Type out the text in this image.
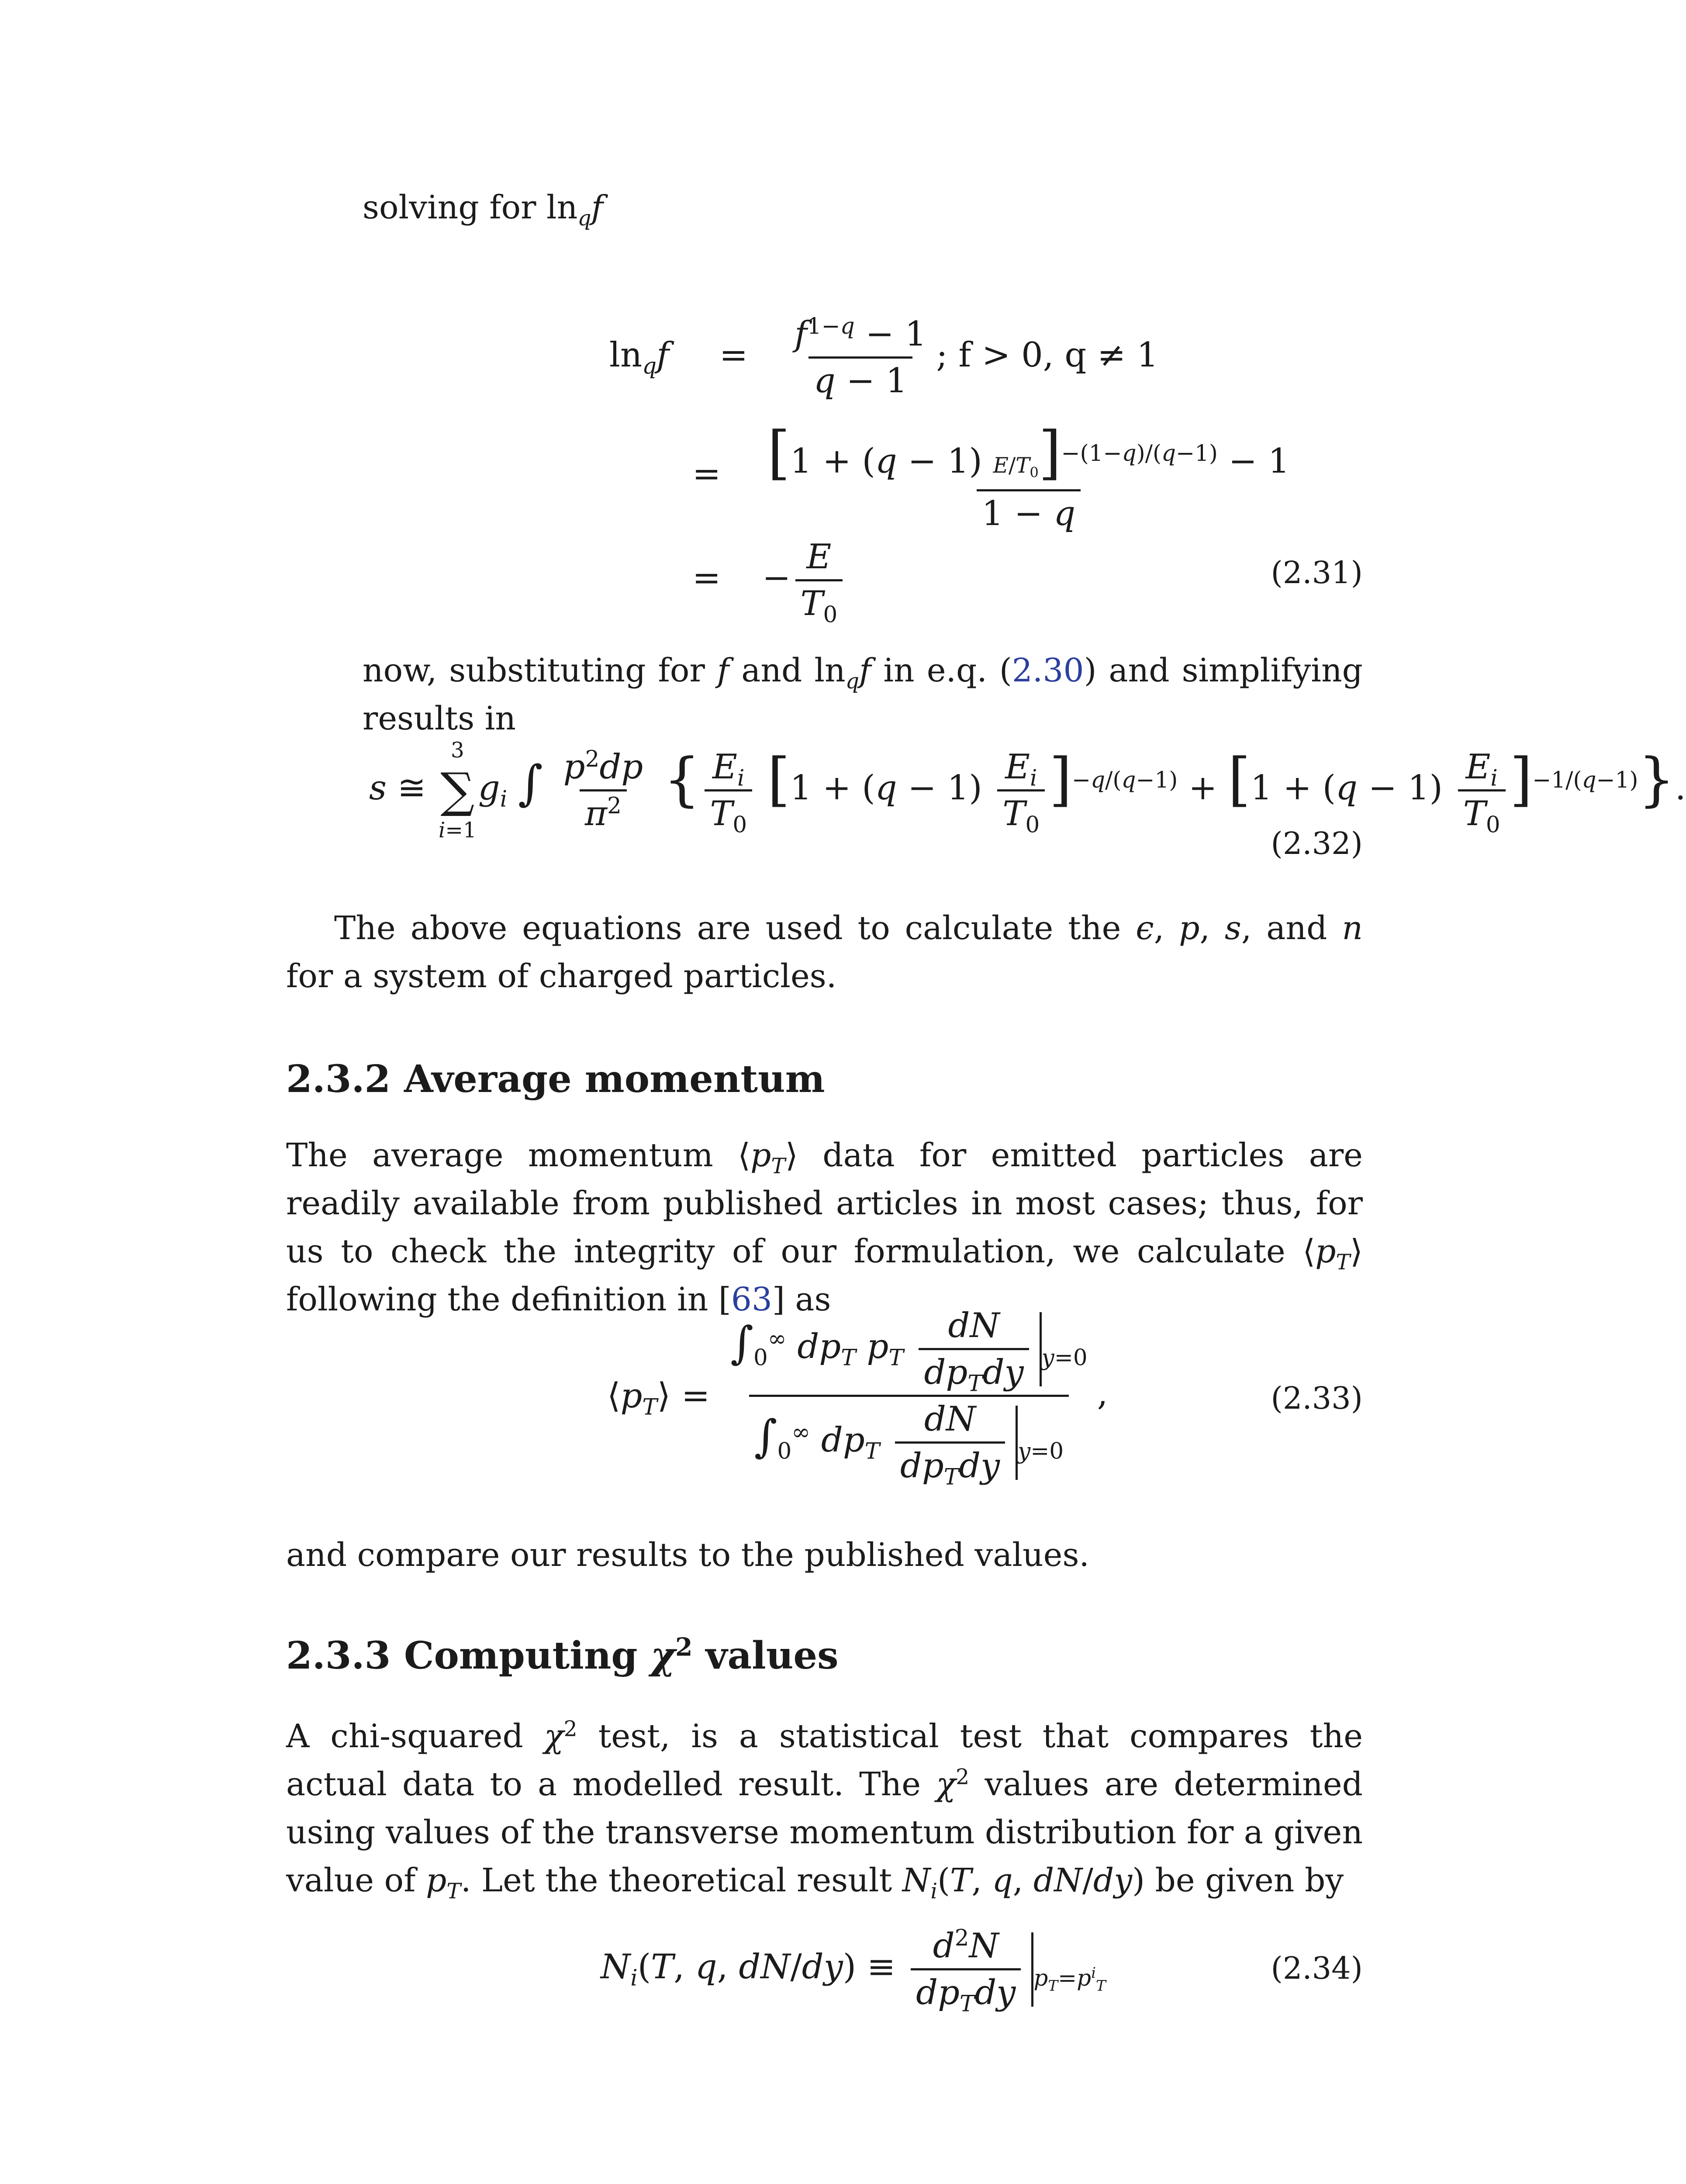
solving for $\ln_qf$
$\ln_qf = \frac{f^{1-q} - 1}{q - 1}$ ; f > 0, q ≠ 1
= $\frac{[1 + (q - 1) E/T_0]^{-(1-q)/(q-1)} - 1}{1 - q}$
= − $\frac{E}{T_0}$	(2.31)
now, substituting for f and $\ln_qf$ in e.q. (2.30) and simplifying results in
s ≅
3
∑
i=1
$g_i$ ∫ $\frac{p^2dp}{\pi^2}$ { $\frac{E_i}{T_0} [1 + (q - 1) \frac{E_i}{T_0} ]^{-q/(q-1)} + [1 + (q - 1) \frac{E_i}{T_0} ]^{-1/(q-1)}$}.
(2.32)
The above equations are used to calculate the ϵ, p, s, and n for a system of charged particles.
2.3.2 Average momentum
The average momentum $⟨p_T⟩$ data for emitted particles are readily available from published articles in most cases; thus, for us to check the integrity of our formulation, we calculate $⟨p_T⟩$ following the definition in [63] as
$⟨p_T⟩ = \frac{\int_0^\infty dp_T p_T \frac{dN}{dp_Tdy} _{y=0}}{\int_0^\infty dp_T \frac{dN}{dp_Tdy} _{y=0}}$ ,	(2.33)
and compare our results to the published values.
2.3.3 Computing $\chi^2$ values
A chi-squared $\chi^2$ test, is a statistical test that compares the actual data to a modelled result. The $\chi^2$ values are determined using values of the transverse momentum distribution for a given value of $p_T$. Let the theoretical result $N_i(T$, q, dN/dy) be given by
$N_i(T$, q, $dN/dy) \equiv \frac{d^2N}{dp_Tdy} _{p_T=p^i_T}$	(2.34)
